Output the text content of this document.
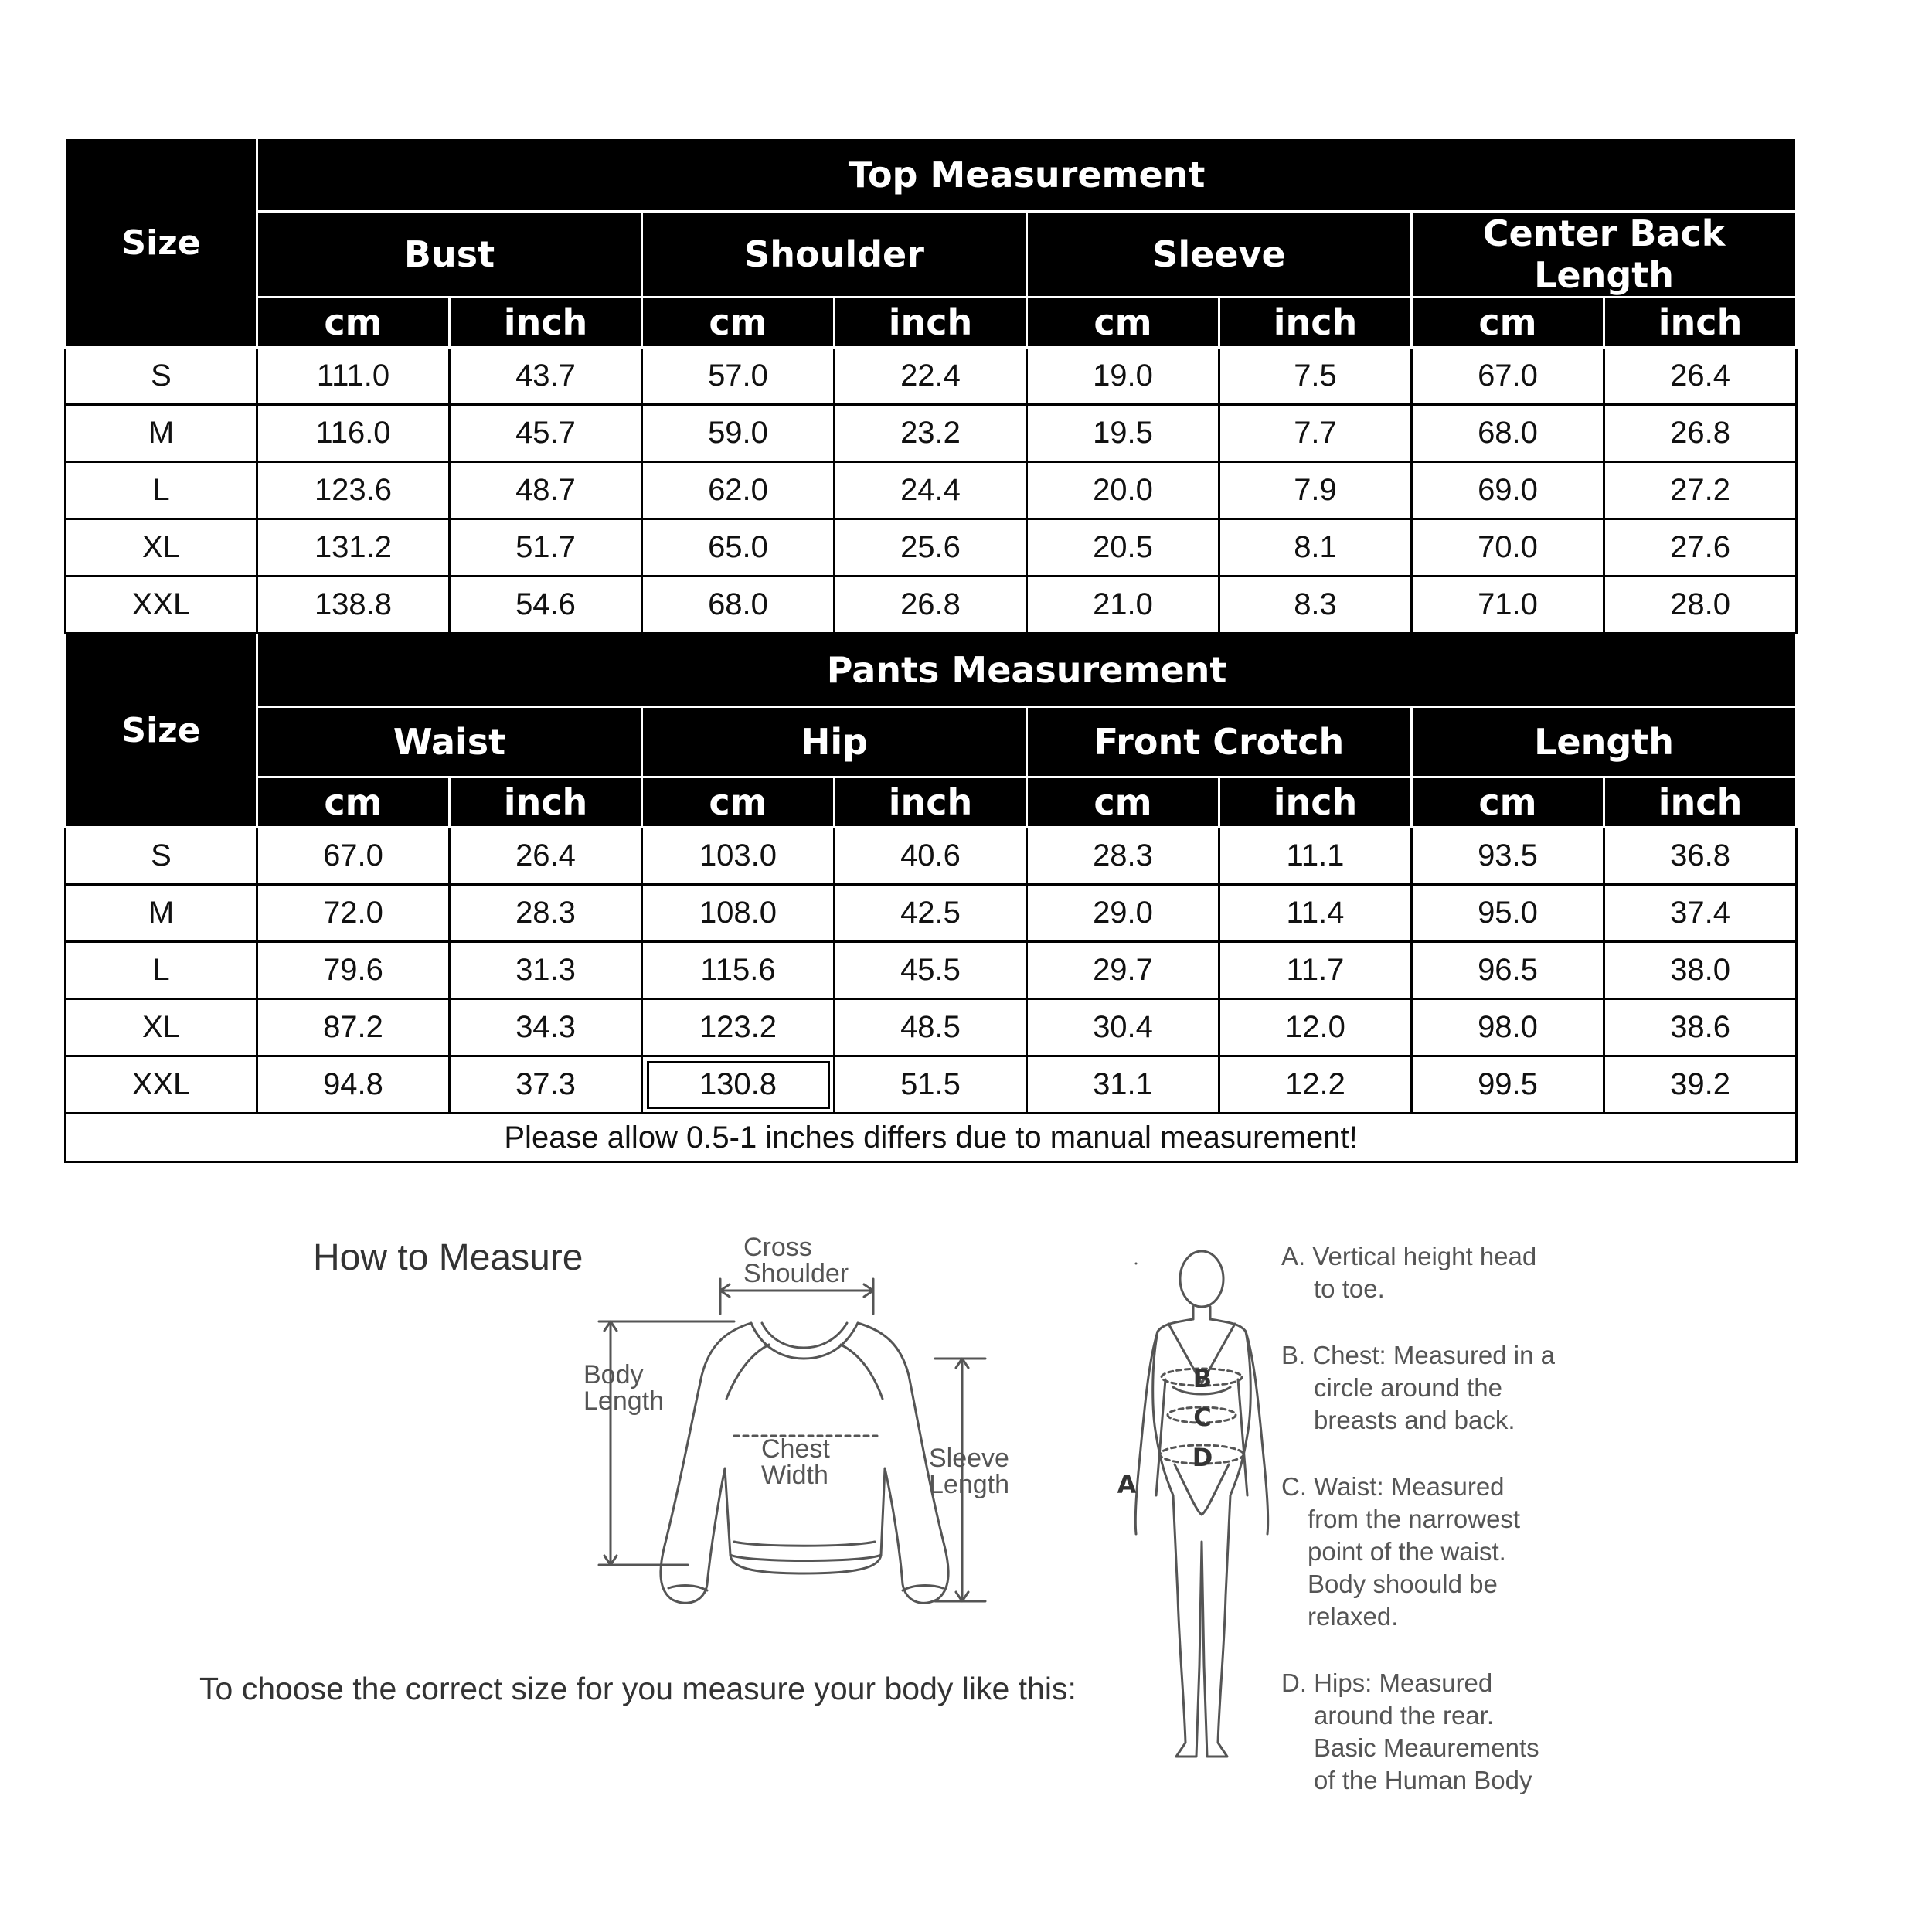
Size	Top Measurement							
	Bust		Shoulder		Sleeve		Center Back Length	
	cm	inch	cm	inch	cm	inch	cm	inch
S	111.0	43.7	57.0	22.4	19.0	7.5	67.0	26.4
M	116.0	45.7	59.0	23.2	19.5	7.7	68.0	26.8
L	123.6	48.7	62.0	24.4	20.0	7.9	69.0	27.2
XL	131.2	51.7	65.0	25.6	20.5	8.1	70.0	27.6
XXL	138.8	54.6	68.0	26.8	21.0	8.3	71.0	28.0
Size	Pants Measurement							
	Waist		Hip		Front Crotch		Length	
	cm	inch	cm	inch	cm	inch	cm	inch
S	67.0	26.4	103.0	40.6	28.3	11.1	93.5	36.8
M	72.0	28.3	108.0	42.5	29.0	11.4	95.0	37.4
L	79.6	31.3	115.6	45.5	29.7	11.7	96.5	38.0
XL	87.2	34.3	123.2	48.5	30.4	12.0	98.0	38.6
XXL	94.8	37.3	130.8	51.5	31.1	12.2	99.5	39.2
Please allow 0.5-1 inches differs due to manual measurement!								
How to Measure
To choose the correct size for you measure your body like this:
Cross
Shoulder
Body
Length
Chest
Width
Sleeve
Length
B
C
D
A
A. Vertical height head
to toe.
B. Chest: Measured in a
circle around the
breasts and back.
C. Waist: Measured
from the narrowest
point of the waist.
Body shoould be
relaxed.
D. Hips: Measured
around the rear.
Basic Meaurements
of the Human Body
